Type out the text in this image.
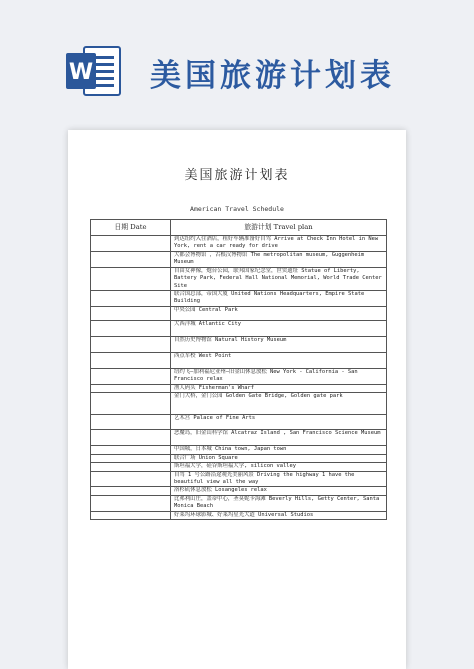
W 美国旅游计划表
美国旅游计划表
American Travel Schedule
日期 Date	旅游计划 Travel plan
	到达纽约入住酒店，租好车辆准备好自驾 Arrive at Check Inn Hotel in New York, rent a car ready for drive
	大都会博物馆 ，古根汉博物馆 The metropolitan museum, Guggenheim Museum
	自由女神像，炮台公园，联邦国家纪念堂，世贸遗址 Statue of Liberty, Battery Park, Federal Hall National Memorial, World Trade Center Site
	联合国总部，帝国大厦 United Nations Headquarters, Empire State Building
	中央公园 Central Park
	大西洋城 Atlantic City
	自然历史博物馆 Natural History Museum
	西点军校 West Point
	纽约飞—加利福尼亚州—旧金山休息放松 New York - California - San Francisco relax
	渔人码头 Fisherman's Wharf
	金门大桥，金门公园 Golden Gate Bridge, Golden gate park
	艺术宫 Palace of Fine Arts
	恶魔岛，旧金山科学馆 Alcatraz Island , San Francisco Science Museum
	中国城，日本城 China town, Japan town
	联合广场 Union Square
	斯坦福大学，硅谷斯坦福大学, silicon valley
	自驾 1 号公路沿途观光美丽风景 Driving the highway 1 have the beautiful view all the way
	洛杉矶休息放松 Losangeles relax
	比弗利山庄，盖蒂中心，圣莫妮卡海滩 Beverly Hills, Getty Center, Santa Monica Beach
	好莱坞环球影城、好莱坞星光大道 Universal Studios
